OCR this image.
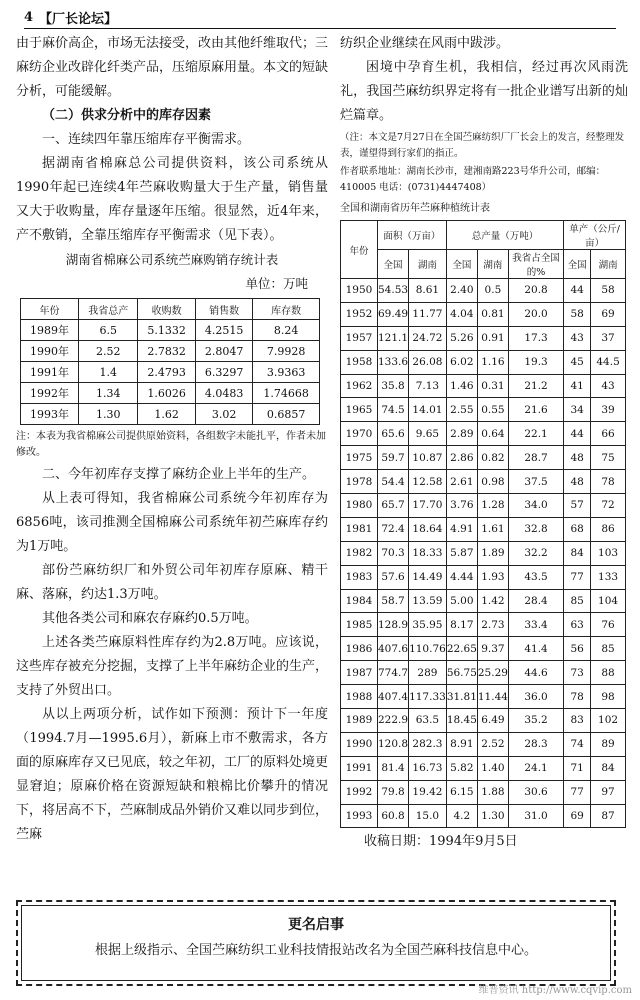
4 【厂长论坛】

由于麻价高企，市场无法接受，改由其他纤维取代；三麻纺企业改辟化纤类产品，压缩原麻用量。本文的短缺分析，可能缓解。

（二）供求分析中的库存因素

一、连续四年靠压缩库存平衡需求。

据湖南省棉麻总公司提供资料，该公司系统从1990年起已连续4年苎麻收购量大于生产量，销售量又大于收购量，库存量逐年压缩。很显然，近4年来，产不敷销，全靠压缩库存平衡需求（见下表）。

湖南省棉麻公司系统苎麻购销存统计表

单位：万吨

年份	我省总产	收购数	销售数	库存数
1989年	6.5	5.1332	4.2515	8.24
1990年	2.52	2.7832	2.8047	7.9928
1991年	1.4	2.4793	6.3297	3.9363
1992年	1.34	1.6026	4.0483	1.74668
1993年	1.30	1.62	3.02	0.6857

注：本表为我省棉麻公司提供原始资料，各组数字未能扎平，作者未加修改。

二、今年初库存支撑了麻纺企业上半年的生产。

从上表可得知，我省棉麻公司系统今年初库存为6856吨，该司推测全国棉麻公司系统年初苎麻库存约为1万吨。

部份苎麻纺织厂和外贸公司年初库存原麻、精干麻、落麻，约达1.3万吨。

其他各类公司和麻农存麻约0.5万吨。

上述各类苎麻原料性库存约为2.8万吨。应该说，这些库存被充分挖掘，支撑了上半年麻纺企业的生产，支持了外贸出口。

从以上两项分析，试作如下预测：预计下一年度（1994.7月—1995.6月），新麻上市不敷需求，各方面的原麻库存又已见底，较之年初，工厂的原料处境更显窘迫；原麻价格在资源短缺和粮棉比价攀升的情况下，将居高不下，苎麻制成品外销价又难以同步到位，苎麻

纺织企业继续在风雨中跋涉。

困境中孕育生机，我相信，经过再次风雨洗礼，我国苎麻纺织界定将有一批企业谱写出新的灿烂篇章。

（注：本文是7月27日在全国苎麻纺织厂厂长会上的发言，经整理发表，谨望得到行家们的指正。

作者联系地址：湖南长沙市，建湘南路223号华升公司，邮编：410005 电话：(0731)4447408）

全国和湖南省历年苎麻种植统计表

年份	面积（万亩）		总产量（万吨）			单产（公斤/亩）	
	全国	湖南	全国	湖南	我省占全国的%	全国	湖南
1950	54.53	8.61	2.40	0.5	20.8	44	58
1952	69.49	11.77	4.04	0.81	20.0	58	69
1957	121.1	24.72	5.26	0.91	17.3	43	37
1958	133.6	26.08	6.02	1.16	19.3	45	44.5
1962	35.8	7.13	1.46	0.31	21.2	41	43
1965	74.5	14.01	2.55	0.55	21.6	34	39
1970	65.6	9.65	2.89	0.64	22.1	44	66
1975	59.7	10.87	2.86	0.82	28.7	48	75
1978	54.4	12.58	2.61	0.98	37.5	48	78
1980	65.7	17.70	3.76	1.28	34.0	57	72
1981	72.4	18.64	4.91	1.61	32.8	68	86
1982	70.3	18.33	5.87	1.89	32.2	84	103
1983	57.6	14.49	4.44	1.93	43.5	77	133
1984	58.7	13.59	5.00	1.42	28.4	85	104
1985	128.9	35.95	8.17	2.73	33.4	63	76
1986	407.6	110.76	22.65	9.37	41.4	56	85
1987	774.7	289	56.75	25.29	44.6	73	88
1988	407.4	117.33	31.81	11.44	36.0	78	98
1989	222.9	63.5	18.45	6.49	35.2	83	102
1990	120.8	282.3	8.91	2.52	28.3	74	89
1991	81.4	16.73	5.82	1.40	24.1	71	84
1992	79.8	19.42	6.15	1.88	30.6	77	97
1993	60.8	15.0	4.2	1.30	31.0	69	87

收稿日期：1994年9月5日

更名启事
根据上级指示、全国苎麻纺织工业科技情报站改名为全国苎麻科技信息中心。
维普资讯 http://www.cqvip.com
